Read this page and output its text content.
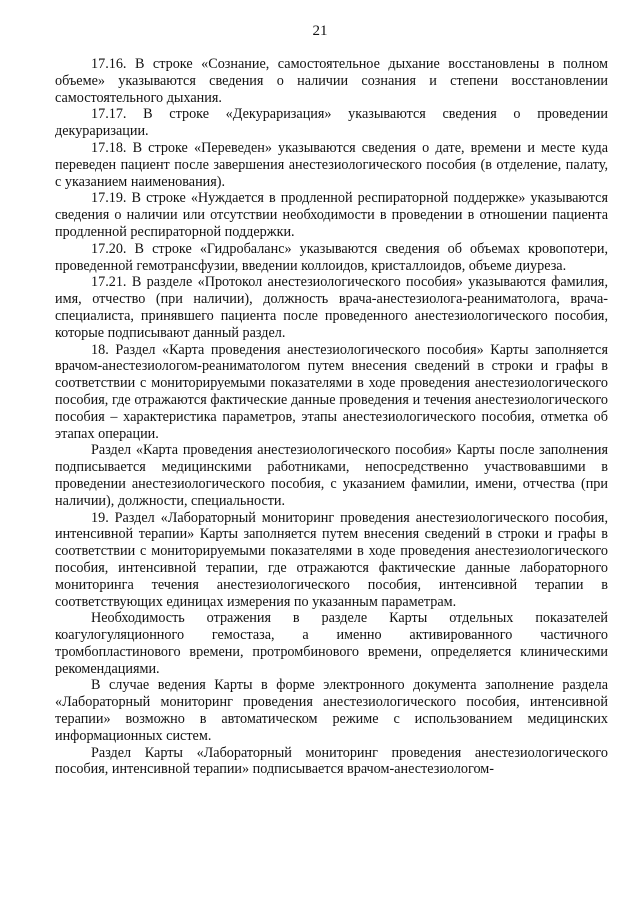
21

17.16. В строке «Сознание, самостоятельное дыхание восстановлены в полном объеме» указываются сведения о наличии сознания и степени восстановлении самостоятельного дыхания.

17.17. В строке «Декураризация» указываются сведения о проведении декураризации.

17.18. В строке «Переведен» указываются сведения о дате, времени и месте куда переведен пациент после завершения анестезиологического пособия (в отделение, палату, с указанием наименования).

17.19. В строке «Нуждается в продленной респираторной поддержке» указываются сведения о наличии или отсутствии необходимости в проведении в отношении пациента продленной респираторной поддержки.

17.20. В строке «Гидробаланс» указываются сведения об объемах кровопотери, проведенной гемотрансфузии, введении коллоидов, кристаллоидов, объеме диуреза.

17.21. В разделе «Протокол анестезиологического пособия» указываются фамилия, имя, отчество (при наличии), должность врача-анестезиолога-реаниматолога, врача-специалиста, принявшего пациента после проведенного анестезиологического пособия, которые подписывают данный раздел.

18. Раздел «Карта проведения анестезиологического пособия» Карты заполняется врачом-анестезиологом-реаниматологом путем внесения сведений в строки и графы в соответствии с мониторируемыми показателями в ходе проведения анестезиологического пособия, где отражаются фактические данные проведения и течения анестезиологического пособия – характеристика параметров, этапы анестезиологического пособия, отметка об этапах операции.

Раздел «Карта проведения анестезиологического пособия» Карты после заполнения подписывается медицинскими работниками, непосредственно участвовавшими в проведении анестезиологического пособия, с указанием фамилии, имени, отчества (при наличии), должности, специальности.

19. Раздел «Лабораторный мониторинг проведения анестезиологического пособия, интенсивной терапии» Карты заполняется путем внесения сведений в строки и графы в соответствии с мониторируемыми показателями в ходе проведения анестезиологического пособия, интенсивной терапии, где отражаются фактические данные лабораторного мониторинга течения анестезиологического пособия, интенсивной терапии в соответствующих единицах измерения по указанным параметрам.

Необходимость отражения в разделе Карты отдельных показателей коагулогуляционного гемостаза, а именно активированного частичного тромбопластинового времени, протромбинового времени, определяется клиническими рекомендациями.

В случае ведения Карты в форме электронного документа заполнение раздела «Лабораторный мониторинг проведения анестезиологического пособия, интенсивной терапии» возможно в автоматическом режиме с использованием медицинских информационных систем.

Раздел Карты «Лабораторный мониторинг проведения анестезиологического пособия, интенсивной терапии» подписывается врачом-анестезиологом-
